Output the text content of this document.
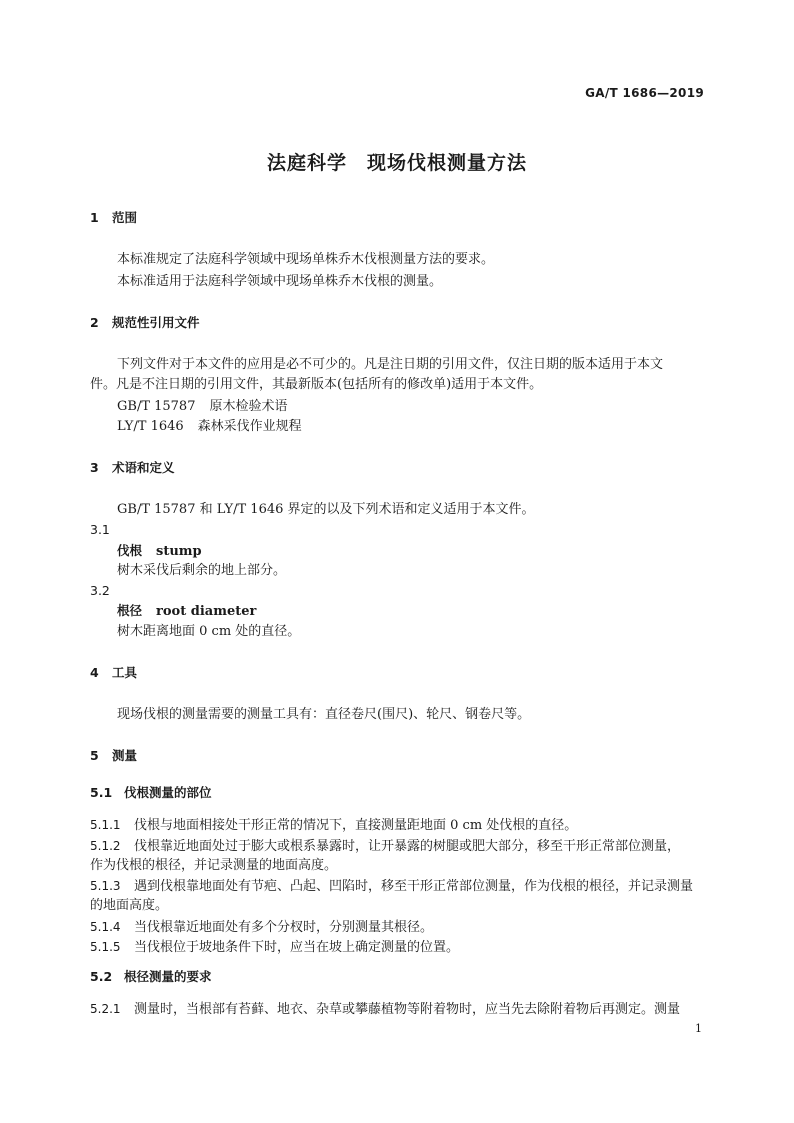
GA/T 1686—2019
法庭科学　现场伐根测量方法
1 范围
本标准规定了法庭科学领域中现场单株乔木伐根测量方法的要求。
本标准适用于法庭科学领域中现场单株乔木伐根的测量。
2 规范性引用文件
下列文件对于本文件的应用是必不可少的。凡是注日期的引用文件，仅注日期的版本适用于本文
件。凡是不注日期的引用文件，其最新版本(包括所有的修改单)适用于本文件。
GB/T 15787 原木检验术语
LY/T 1646 森林采伐作业规程
3 术语和定义
GB/T 15787 和 LY/T 1646 界定的以及下列术语和定义适用于本文件。
3.1
伐根 stump
树木采伐后剩余的地上部分。
3.2
根径 root diameter
树木距离地面 0 cm 处的直径。
4 工具
现场伐根的测量需要的测量工具有：直径卷尺(围尺)、轮尺、钢卷尺等。
5 测量
5.1 伐根测量的部位
5.1.1 伐根与地面相接处干形正常的情况下，直接测量距地面 0 cm 处伐根的直径。
5.1.2 伐根靠近地面处过于膨大或根系暴露时，让开暴露的树腿或肥大部分，移至干形正常部位测量，
作为伐根的根径，并记录测量的地面高度。
5.1.3 遇到伐根靠地面处有节疤、凸起、凹陷时，移至干形正常部位测量，作为伐根的根径，并记录测量
的地面高度。
5.1.4 当伐根靠近地面处有多个分杈时，分别测量其根径。
5.1.5 当伐根位于坡地条件下时，应当在坡上确定测量的位置。
5.2 根径测量的要求
5.2.1 测量时，当根部有苔藓、地衣、杂草或攀藤植物等附着物时，应当先去除附着物后再测定。测量
1
